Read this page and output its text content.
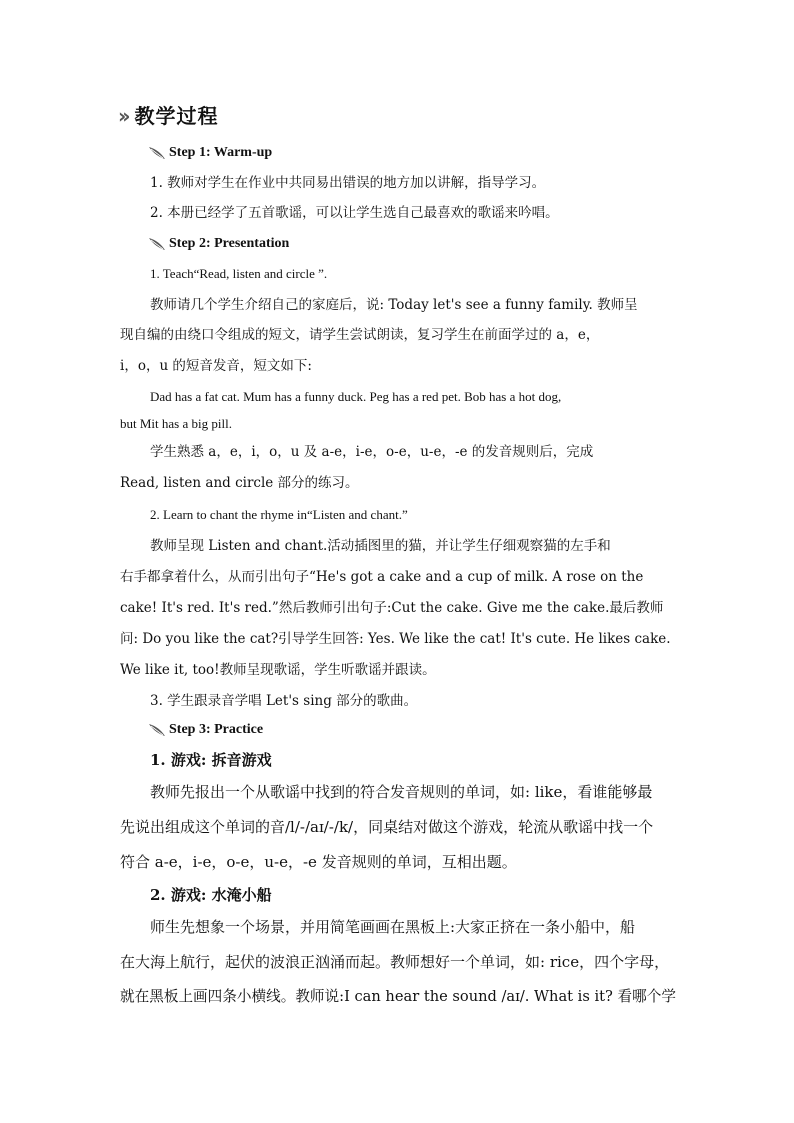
›› 教学过程
Step 1: Warm-up
1. 教师对学生在作业中共同易出错误的地方加以讲解，指导学习。
2. 本册已经学了五首歌谣，可以让学生选自己最喜欢的歌谣来吟唱。
Step 2: Presentation
1. Teach“Read, listen and circle ”.
教师请几个学生介绍自己的家庭后，说: Today let's see a funny family. 教师呈
现自编的由绕口令组成的短文，请学生尝试朗读，复习学生在前面学过的 a，e，
i，o，u 的短音发音，短文如下:
Dad has a fat cat. Mum has a funny duck. Peg has a red pet. Bob has a hot dog,
but Mit has a big pill.
学生熟悉 a，e，i，o，u 及 a-e，i-e，o-e，u-e，-e 的发音规则后，完成
Read, listen and circle 部分的练习。
2. Learn to chant the rhyme in“Listen and chant.”
教师呈现 Listen and chant.活动插图里的猫，并让学生仔细观察猫的左手和
右手都拿着什么，从而引出句子“He's got a cake and a cup of milk. A rose on the
cake! It's red. It's red.”然后教师引出句子:Cut the cake. Give me the cake.最后教师
问: Do you like the cat?引导学生回答: Yes. We like the cat! It's cute. He likes cake.
We like it, too!教师呈现歌谣，学生听歌谣并跟读。
3. 学生跟录音学唱 Let's sing 部分的歌曲。
Step 3: Practice
1. 游戏: 拆音游戏
教师先报出一个从歌谣中找到的符合发音规则的单词，如: like，看谁能够最
先说出组成这个单词的音/l/-/aɪ/-/k/，同桌结对做这个游戏，轮流从歌谣中找一个
符合 a-e，i-e，o-e，u-e，-e 发音规则的单词，互相出题。
2. 游戏: 水淹小船
师生先想象一个场景，并用简笔画画在黑板上:大家正挤在一条小船中，船
在大海上航行，起伏的波浪正汹涌而起。教师想好一个单词，如: rice，四个字母，
就在黑板上画四条小横线。教师说:I can hear the sound /aɪ/. What is it? 看哪个学
